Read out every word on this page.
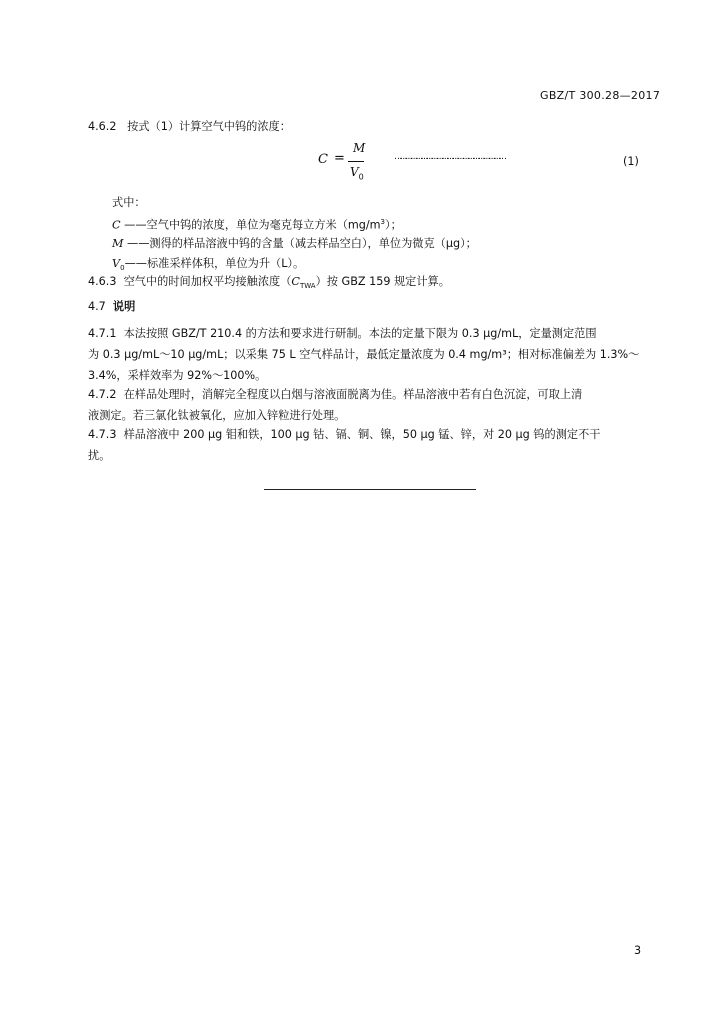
GBZ/T 300.28—2017
4.6.2 按式（1）计算空气中钨的浓度：
C =
M
$V_0$
………………………………………………………	(1)
式中：
C ——空气中钨的浓度，单位为毫克每立方米$(mg/m^3)$；
M ——测得的样品溶液中钨的含量（减去样品空白），单位为微克（μg）；
$V_0——$标准采样体积，单位为升（L）。
4.6.3 空气中的时间加权平均接触浓度$(C_{TWA})$按 GBZ 159 规定计算。
4.7 说明
4.7.1 本法按照 GBZ/T 210.4 的方法和要求进行研制。本法的定量下限为 0.3 μg/mL，定量测定范围
为 0.3 μg/mL～10 μg/mL；以采集 75 L 空气样品计，最低定量浓度为 0.4 mg/m³；相对标准偏差为 1.3%～
3.4%，采样效率为 92%～100%。
4.7.2 在样品处理时，消解完全程度以白烟与溶液面脱离为佳。样品溶液中若有白色沉淀，可取上清
液测定。若三氯化钛被氧化，应加入锌粒进行处理。
4.7.3 样品溶液中 200 μg 钼和铁，100 μg 钴、镉、铜、镍，50 μg 锰、锌，对 20 μg 钨的测定不干
扰。
3
